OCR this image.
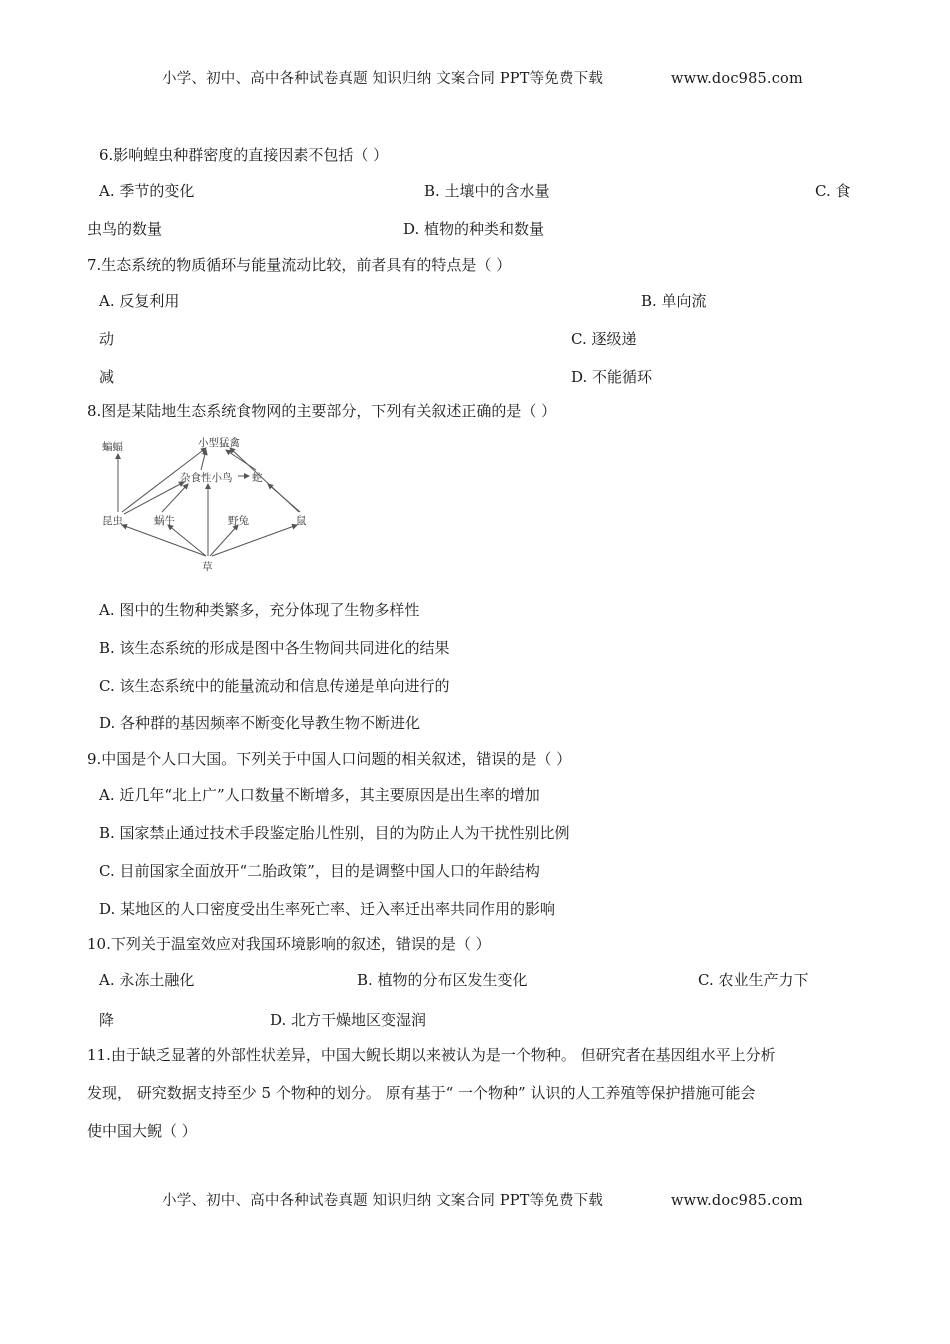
小学、初中、高中各种试卷真题 知识归纳 文案合同 PPT等免费下载	www.doc985.com
6.影响蝗虫种群密度的直接因素不包括（ ）
A. 季节的变化	B. 土壤中的含水量	C. 食
虫鸟的数量	D. 植物的种类和数量
7.生态系统的物质循环与能量流动比较，前者具有的特点是（ ）
A. 反复利用	B. 单向流
动	C. 逐级递
减	D. 不能循环
8.图是某陆地生态系统食物网的主要部分，下列有关叙述正确的是（ ）
蝙蝠	小型猛禽
杂食性小鸟 蛇
昆虫	蜗牛	野兔	鼠
草
A. 图中的生物种类繁多，充分体现了生物多样性
B. 该生态系统的形成是图中各生物间共同进化的结果
C. 该生态系统中的能量流动和信息传递是单向进行的
D. 各种群的基因频率不断变化导教生物不断进化
9.中国是个人口大国。下列关于中国人口问题的相关叙述，错误的是（ ）
A. 近几年“北上广”人口数量不断增多，其主要原因是出生率的增加
B. 国家禁止通过技术手段鉴定胎儿性别，目的为防止人为干扰性别比例
C. 目前国家全面放开“二胎政策”，目的是调整中国人口的年龄结构
D. 某地区的人口密度受出生率死亡率、迁入率迁出率共同作用的影响
10.下列关于温室效应对我国环境影响的叙述，错误的是（ ）
A. 永冻土融化	B. 植物的分布区发生变化	C. 农业生产力下
降	D. 北方干燥地区变湿润
11.由于缺乏显著的外部性状差异，中国大鲵长期以来被认为是一个物种。 但研究者在基因组水平上分析
发现， 研究数据支持至少 5 个物种的划分。 原有基于“ 一个物种” 认识的人工养殖等保护措施可能会
使中国大鲵（ ）
小学、初中、高中各种试卷真题 知识归纳 文案合同 PPT等免费下载	www.doc985.com
